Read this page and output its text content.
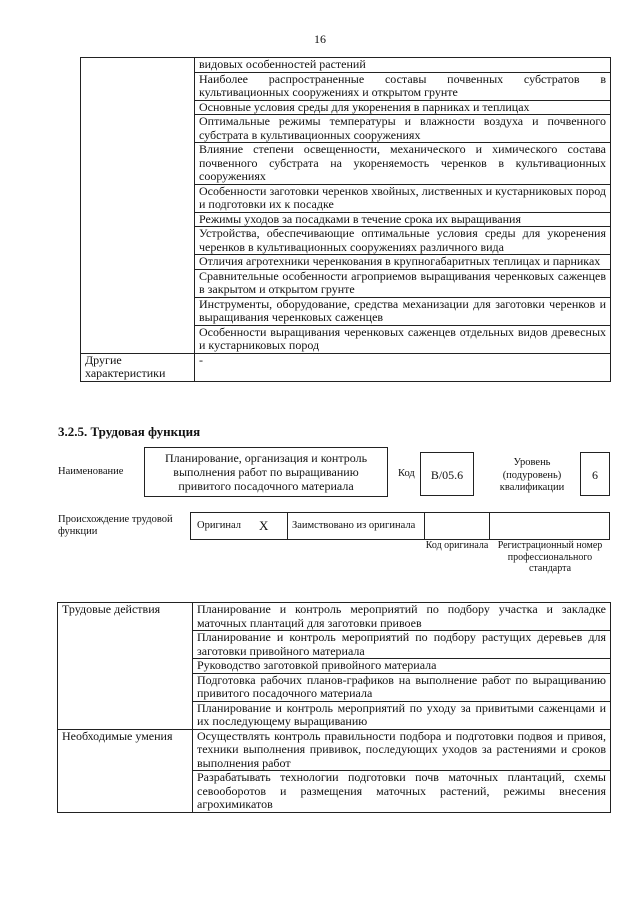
16
	видовых особенностей растений
	Наиболее распространенные составы почвенных субстратов в культивационных сооружениях и открытом грунте
	Основные условия среды для укоренения в парниках и теплицах
	Оптимальные режимы температуры и влажности воздуха и почвенного субстрата в культивационных сооружениях
	Влияние степени освещенности, механического и химического состава почвенного субстрата на укореняемость черенков в культивационных сооружениях
	Особенности заготовки черенков хвойных, лиственных и кустарниковых пород и подготовки их к посадке
	Режимы уходов за посадками в течение срока их выращивания
	Устройства, обеспечивающие оптимальные условия среды для укоренения черенков в культивационных сооружениях различного вида
	Отличия агротехники черенкования в крупногабаритных теплицах и парниках
	Сравнительные особенности агроприемов выращивания черенковых саженцев в закрытом и открытом грунте
	Инструменты, оборудование, средства механизации для заготовки черенков и выращивания черенковых саженцев
	Особенности выращивания черенковых саженцев отдельных видов древесных и кустарниковых пород
Другие характеристики	-
3.2.5. Трудовая функция
Наименование
Планирование, организация и контроль выполнения работ по выращиванию привитого посадочного материала
Код	B/05.6
Уровень (подуровень) квалификации
6
Происхождение трудовой функции
Оригинал X	Заимствовано из оригинала
Код оригинала Регистрационный номер профессионального стандарта
Трудовые действия	Планирование и контроль мероприятий по подбору участка и закладке маточных плантаций для заготовки привоев
	Планирование и контроль мероприятий по подбору растущих деревьев для заготовки привойного материала
	Руководство заготовкой привойного материала
	Подготовка рабочих планов-графиков на выполнение работ по выращиванию привитого посадочного материала
	Планирование и контроль мероприятий по уходу за привитыми саженцами и их последующему выращиванию
Необходимые умения	Осуществлять контроль правильности подбора и подготовки подвоя и привоя, техники выполнения прививок, последующих уходов за растениями и сроков выполнения работ
	Разрабатывать технологии подготовки почв маточных плантаций, схемы севооборотов и размещения маточных растений, режимы внесения агрохимикатов
